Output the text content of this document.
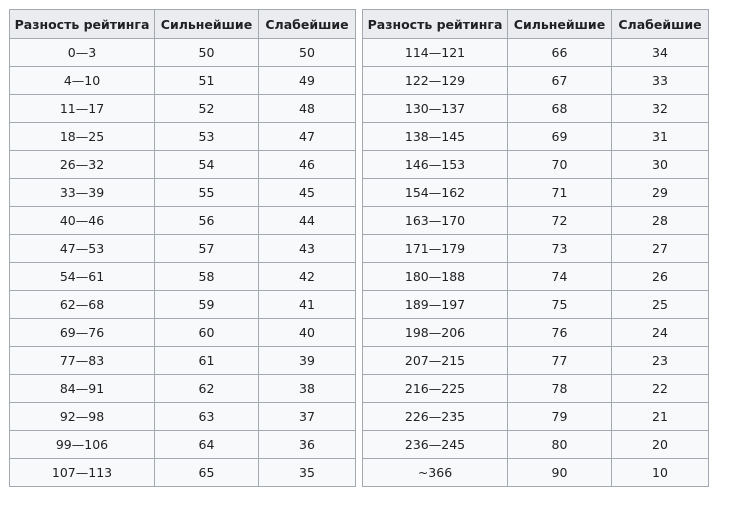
Разность рейтинга	Сильнейшие	Слабейшие
0—3	50	50
4—10	51	49
11—17	52	48
18—25	53	47
26—32	54	46
33—39	55	45
40—46	56	44
47—53	57	43
54—61	58	42
62—68	59	41
69—76	60	40
77—83	61	39
84—91	62	38
92—98	63	37
99—106	64	36
107—113	65	35
Разность рейтинга	Сильнейшие	Слабейшие
114—121	66	34
122—129	67	33
130—137	68	32
138—145	69	31
146—153	70	30
154—162	71	29
163—170	72	28
171—179	73	27
180—188	74	26
189—197	75	25
198—206	76	24
207—215	77	23
216—225	78	22
226—235	79	21
236—245	80	20
~366	90	10
